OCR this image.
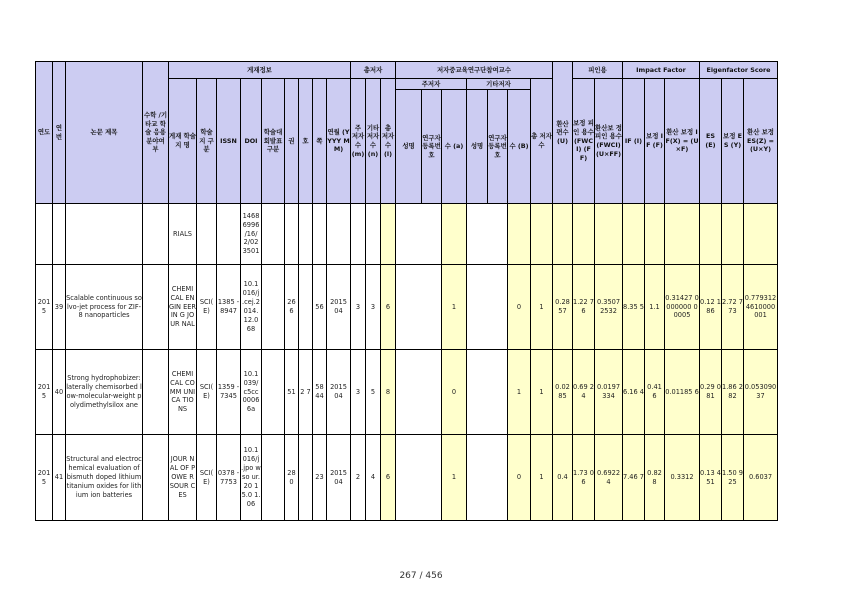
연도	연번	논문 제목	수학 /기타교 학술 응용 분야여 부	게재정보									총저자			저자중교육연구단참여교수							환산 편수 (U)	피인용		Impact Factor			Eigenfactor Score		
				게재 학술지 명	학술 지 구 분	ISSN	DOI	학술대 회발표 구분	권	호	쪽	연월 (YYYY MM)	주 저자 수 (m)	기타 저자 수 (n)	총 저자 수 (l)	주저자			기타저자			총 저자 수		보정 피인 용수 (FWC I) (FF)	환산보 정피인 용수 (FWCI) (U×FF)	IF (I)	보정 IF (F)	환산 보정 IF(X) = (U×F)	ES (E)	보정 ES (Y)	환산 보정 ES(Z) =(U×Y)
																성명	연구자 등록번 호	수 (a)	성명	연구자 등록번 호	수 (B)										
				RIALS			1468 6996 /16/ 2/02 3501																								
201 5	39	Scalable continuous solvo-jet process for ZIF-8 nanoparticles		CHEMI CAL ENGIN EERIN G JOUR NAL	SCI( E)	1385 - 8947	10.1 016/j .cej.2 014. 12.0 68		26 6		56	2015 04	3	3	6			1			0	1	0.28 57	1.22 76	0.3507 2532	8.35 5	1.1	0.31427 0000000 00005	0.12 186	2.72 773	0.779312 4610000 001
201 5	40	Strong hydrophobizer: laterally chemisorbed low-molecular-weight polydimethylsilox ane		CHEMI CAL COMM UNICA TIONS	SCI( E)	1359 - 7345	10.1 039/ c5cc 0006 6a		51	2 7	58 44	2015 04	3	5	8			0			1	1	0.02 85	0.69 24	0.0197 334	6.16 4	0.41 6	0.01185 6	0.29 081	1.86 282	0.053090 37
201 5	41	Structural and electrochemical evaluation of bismuth doped lithium titanium oxides for lithium ion batteries		JOUR NAL OF POWE R SOUR CES	SCI( E)	0378 - 7753	10.1 016/j .jpo wso ur.20 15.0 1.06		28 0		23	2015 04	2	4	6			1			0	1	0.4	1.73 06	0.6922 4	7.46 7	0.82 8	0.3312	0.13 451	1.50 925	0.6037
267 / 456
